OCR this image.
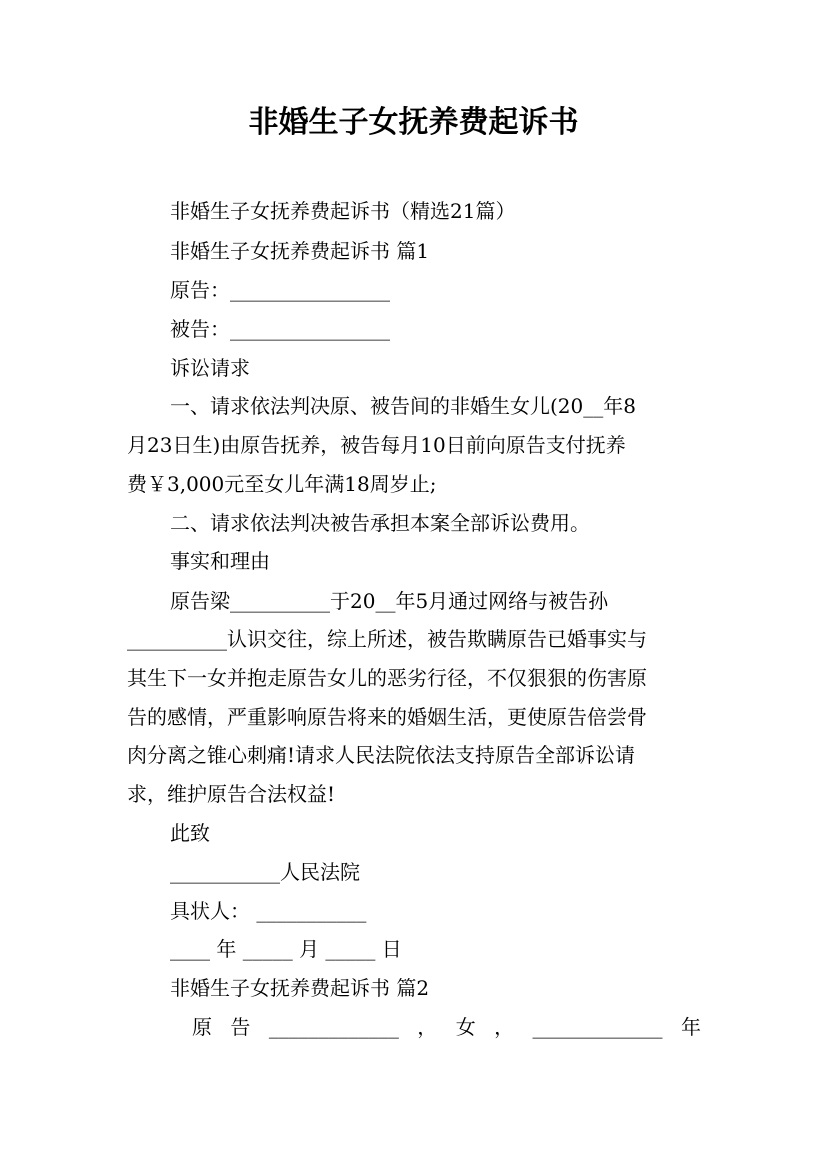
非婚生子女抚养费起诉书
非婚生子女抚养费起诉书（精选21篇）
非婚生子女抚养费起诉书 篇1
原告：________________
被告：________________
诉讼请求
一、请求依法判决原、被告间的非婚生女儿(20__年8
月23日生)由原告抚养，被告每月10日前向原告支付抚养
费￥3,000元至女儿年满18周岁止;
二、请求依法判决被告承担本案全部诉讼费用。
事实和理由
原告梁__________于20__年5月通过网络与被告孙
__________认识交往，综上所述，被告欺瞒原告已婚事实与
其生下一女并抱走原告女儿的恶劣行径，不仅狠狠的伤害原
告的感情，严重影响原告将来的婚姻生活，更使原告倍尝骨
肉分离之锥心刺痛!请求人民法院依法支持原告全部诉讼请
求，维护原告合法权益!
此致
___________人民法院
具状人： ___________
____ 年 _____ 月 _____ 日
非婚生子女抚养费起诉书 篇2
原 告 _____________ ， 女 ， _____________ 年
